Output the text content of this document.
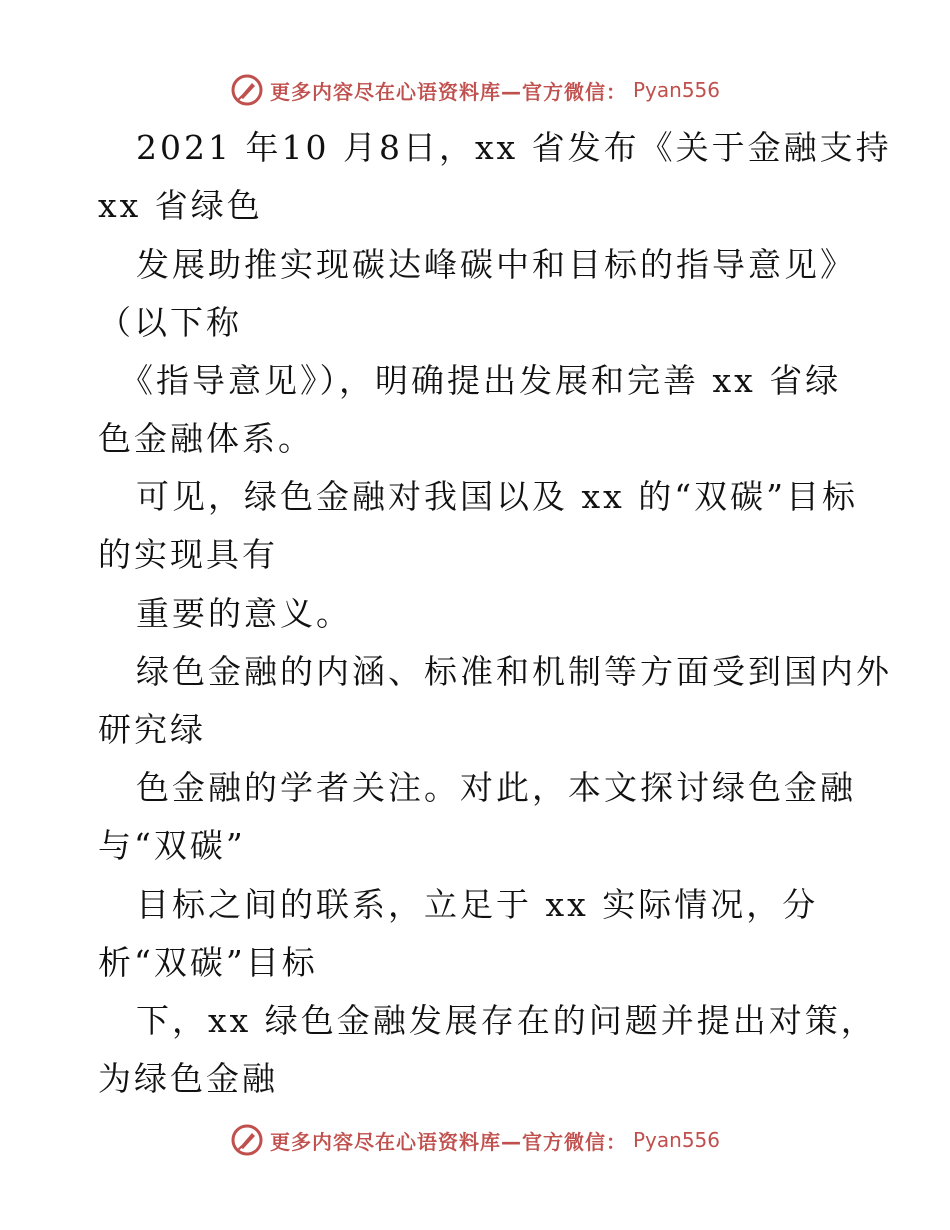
更多内容尽在心语资料库—官方微信： Pyan556
2021 年10 月8日，xx 省发布《关于金融支持
xx 省绿色
发展助推实现碳达峰碳中和目标的指导意见》
（以下称
《指导意见》），明确提出发展和完善 xx 省绿
色金融体系。
可见，绿色金融对我国以及 xx 的“双碳”目标
的实现具有
重要的意义。
绿色金融的内涵、标准和机制等方面受到国内外
研究绿
色金融的学者关注。对此，本文探讨绿色金融
与“双碳”
目标之间的联系，立足于 xx 实际情况，分
析“双碳”目标
下，xx 绿色金融发展存在的问题并提出对策，
为绿色金融
更多内容尽在心语资料库—官方微信： Pyan556
